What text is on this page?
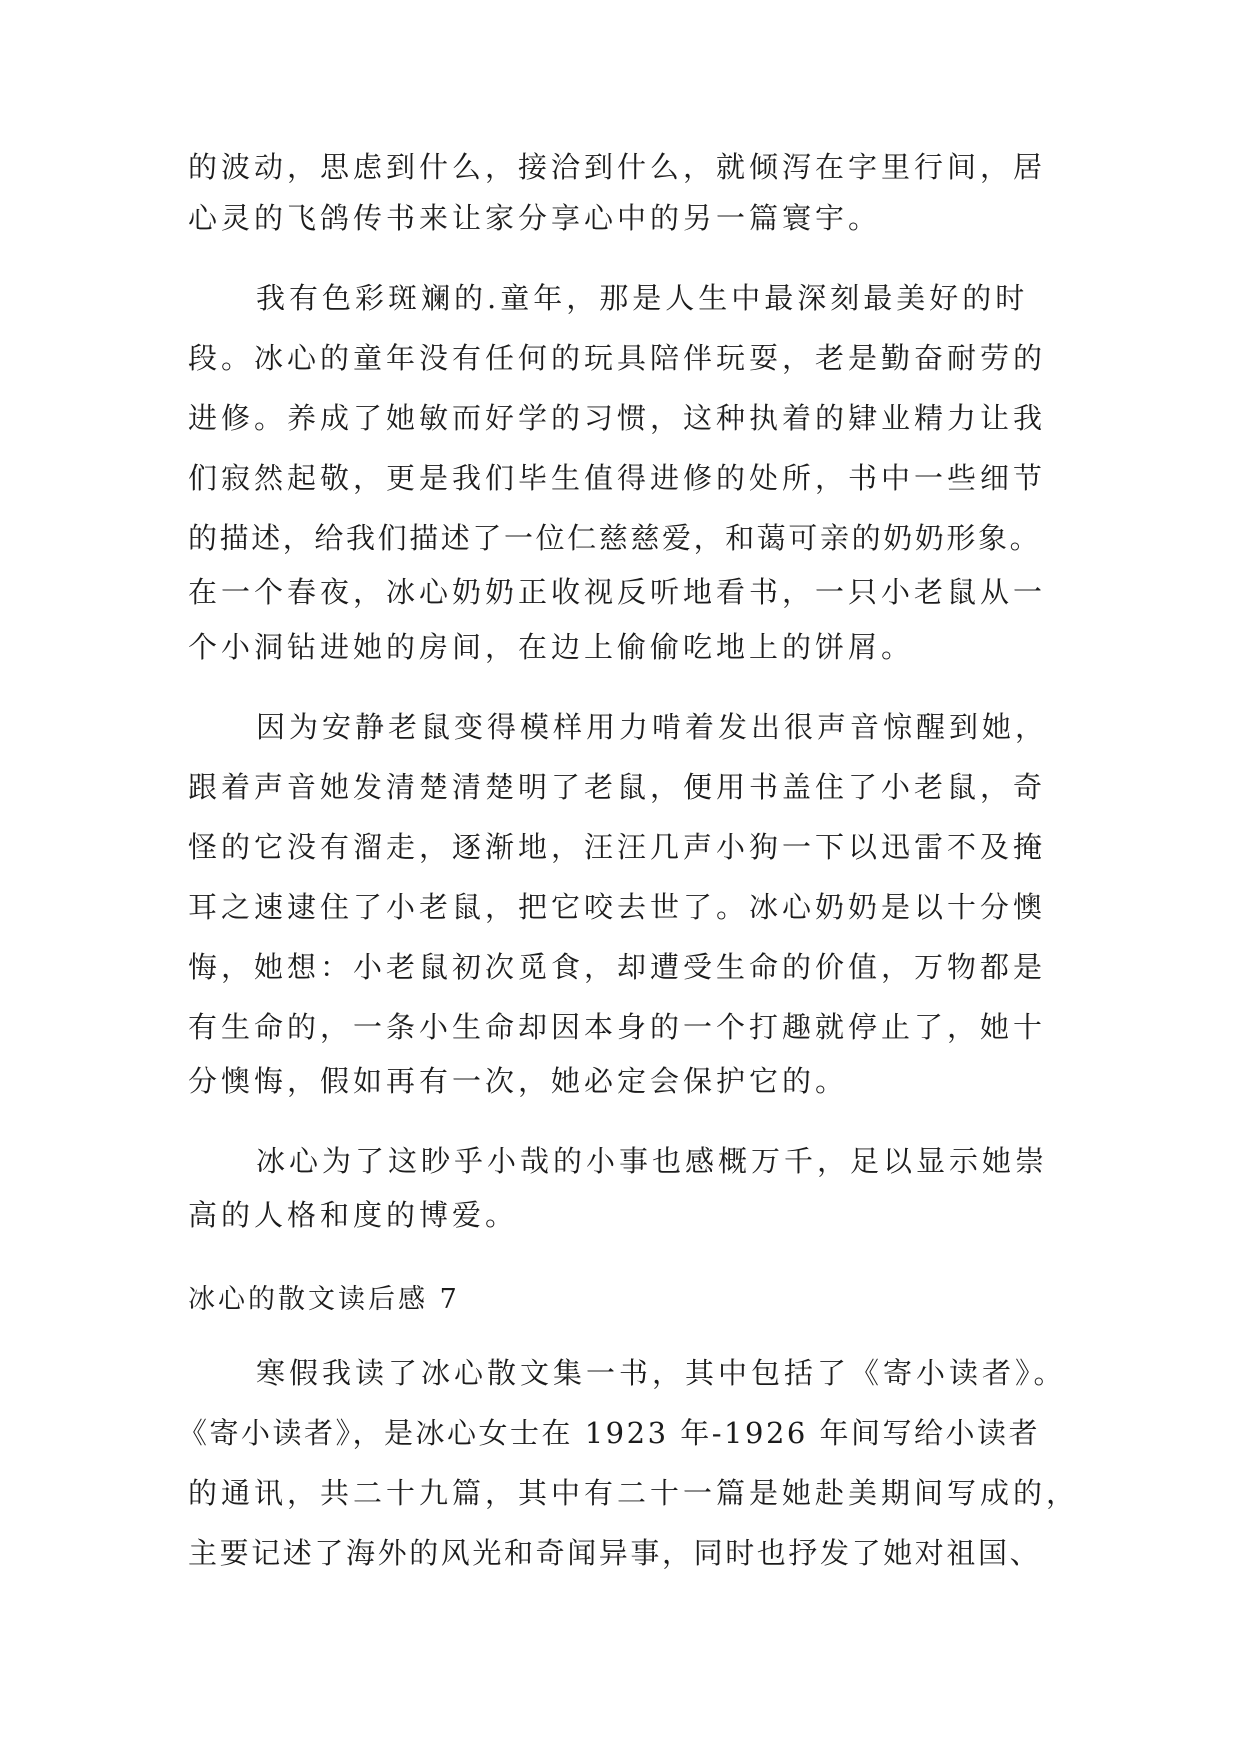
的波动，思虑到什么，接洽到什么，就倾泻在字里行间，居
心灵的飞鸽传书来让家分享心中的另一篇寰宇。
我有色彩斑斓的.童年，那是人生中最深刻最美好的时
段。冰心的童年没有任何的玩具陪伴玩耍，老是勤奋耐劳的
进修。养成了她敏而好学的习惯，这种执着的肄业精力让我
们寂然起敬，更是我们毕生值得进修的处所，书中一些细节
的描述，给我们描述了一位仁慈慈爱，和蔼可亲的奶奶形象。
在一个春夜，冰心奶奶正收视反听地看书，一只小老鼠从一
个小洞钻进她的房间，在边上偷偷吃地上的饼屑。
因为安静老鼠变得模样用力啃着发出很声音惊醒到她，
跟着声音她发清楚清楚明了老鼠，便用书盖住了小老鼠，奇
怪的它没有溜走，逐渐地，汪汪几声小狗一下以迅雷不及掩
耳之速逮住了小老鼠，把它咬去世了。冰心奶奶是以十分懊
悔，她想：小老鼠初次觅食，却遭受生命的价值，万物都是
有生命的，一条小生命却因本身的一个打趣就停止了，她十
分懊悔，假如再有一次，她必定会保护它的。
冰心为了这眇乎小哉的小事也感概万千，足以显示她崇
高的人格和度的博爱。
冰心的散文读后感 7
寒假我读了冰心散文集一书，其中包括了《寄小读者》。
《寄小读者》，是冰心女士在 1923 年-1926 年间写给小读者
的通讯，共二十九篇，其中有二十一篇是她赴美期间写成的，
主要记述了海外的风光和奇闻异事，同时也抒发了她对祖国、
